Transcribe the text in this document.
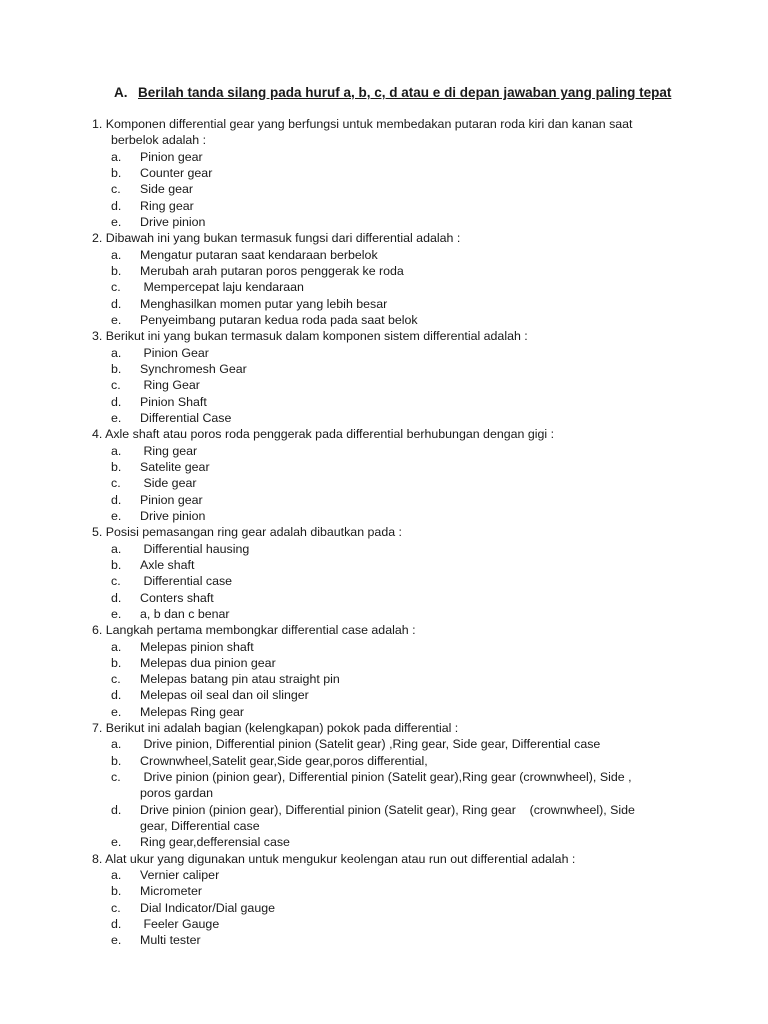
A. Berilah tanda silang pada huruf a, b, c, d atau e di depan jawaban yang paling tepat
1. Komponen differential gear yang berfungsi untuk membedakan putaran roda kiri dan kanan saat
berbelok adalah :
a. Pinion gear
b. Counter gear
c. Side gear
d. Ring gear
e. Drive pinion
2. Dibawah ini yang bukan termasuk fungsi dari differential adalah :
a. Mengatur putaran saat kendaraan berbelok
b. Merubah arah putaran poros penggerak ke roda
c. Mempercepat laju kendaraan
d. Menghasilkan momen putar yang lebih besar
e. Penyeimbang putaran kedua roda pada saat belok
3. Berikut ini yang bukan termasuk dalam komponen sistem differential adalah :
a. Pinion Gear
b. Synchromesh Gear
c. Ring Gear
d. Pinion Shaft
e. Differential Case
4. Axle shaft atau poros roda penggerak pada differential berhubungan dengan gigi :
a. Ring gear
b. Satelite gear
c. Side gear
d. Pinion gear
e. Drive pinion
5. Posisi pemasangan ring gear adalah dibautkan pada :
a. Differential hausing
b. Axle shaft
c. Differential case
d. Conters shaft
e. a, b dan c benar
6. Langkah pertama membongkar differential case adalah :
a. Melepas pinion shaft
b. Melepas dua pinion gear
c. Melepas batang pin atau straight pin
d. Melepas oil seal dan oil slinger
e. Melepas Ring gear
7. Berikut ini adalah bagian (kelengkapan) pokok pada differential :
a. Drive pinion, Differential pinion (Satelit gear) ,Ring gear, Side gear, Differential case
b. Crownwheel,Satelit gear,Side gear,poros differential,
c. Drive pinion (pinion gear), Differential pinion (Satelit gear),Ring gear (crownwheel), Side ,
poros gardan
d. Drive pinion (pinion gear), Differential pinion (Satelit gear), Ring gear    (crownwheel), Side
gear, Differential case
e. Ring gear,defferensial case
8. Alat ukur yang digunakan untuk mengukur keolengan atau run out differential adalah :
a. Vernier caliper
b. Micrometer
c. Dial Indicator/Dial gauge
d. Feeler Gauge
e. Multi tester
